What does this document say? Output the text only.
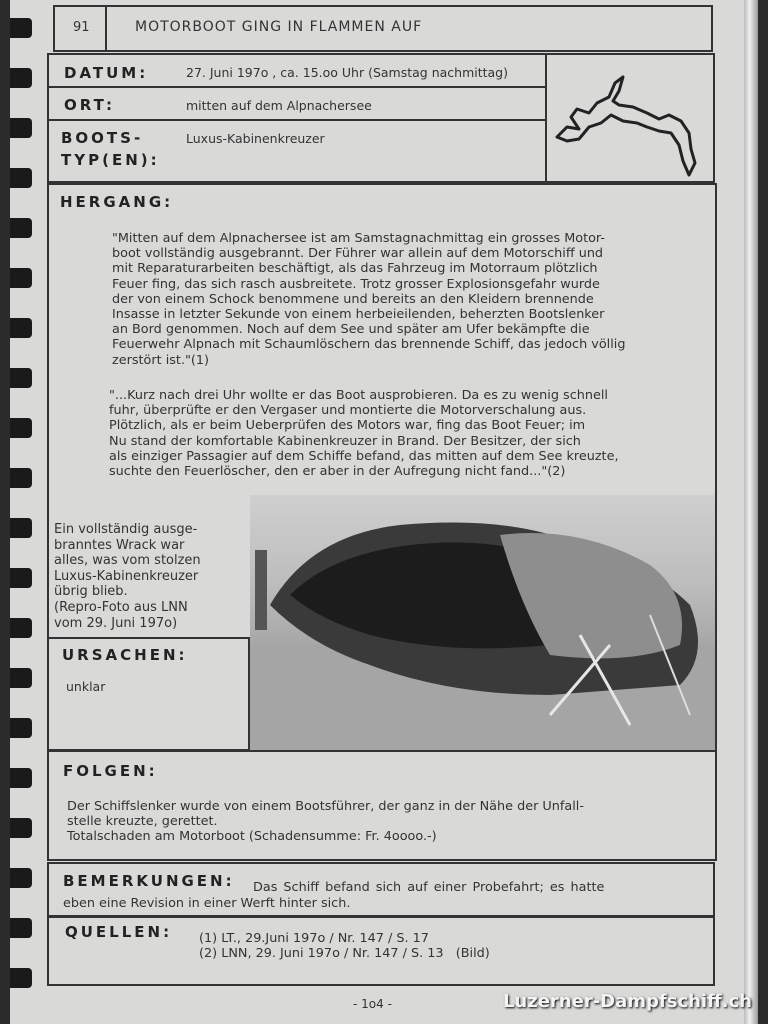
91	MOTORBOOT GING IN FLAMMEN AUF
DATUM:	27. Juni 197o , ca. 15.oo Uhr (Samstag nachmittag)
ORT:	mitten auf dem Alpnachersee
BOOTS-
TYP(EN):
Luxus-Kabinenkreuzer
HERGANG:
"Mitten auf dem Alpnachersee ist am Samstagnachmittag ein grosses Motor-
boot vollständig ausgebrannt. Der Führer war allein auf dem Motorschiff und
mit Reparaturarbeiten beschäftigt, als das Fahrzeug im Motorraum plötzlich
Feuer fing, das sich rasch ausbreitete. Trotz grosser Explosionsgefahr wurde
der von einem Schock benommene und bereits an den Kleidern brennende
Insasse in letzter Sekunde von einem herbeieilenden, beherzten Bootslenker
an Bord genommen. Noch auf dem See und später am Ufer bekämpfte die
Feuerwehr Alpnach mit Schaumlöschern das brennende Schiff, das jedoch völlig
zerstört ist."(1)
"...Kurz nach drei Uhr wollte er das Boot ausprobieren. Da es zu wenig schnell
fuhr, überprüfte er den Vergaser und montierte die Motorverschalung aus.
Plötzlich, als er beim Ueberprüfen des Motors war, fing das Boot Feuer; im
Nu stand der komfortable Kabinenkreuzer in Brand. Der Besitzer, der sich
als einziger Passagier auf dem Schiffe befand, das mitten auf dem See kreuzte,
suchte den Feuerlöscher, den er aber in der Aufregung nicht fand..."(2)
Ein vollständig ausge-
branntes Wrack war
alles, was vom stolzen
Luxus-Kabinenkreuzer
übrig blieb.
(Repro-Foto aus LNN
vom 29. Juni 197o)
URSACHEN:
unklar
FOLGEN:
Der Schiffslenker wurde von einem Bootsführer, der ganz in der Nähe der Unfall-
stelle kreuzte, gerettet.
Totalschaden am Motorboot (Schadensumme: Fr. 4oooo.-)
BEMERKUNGEN: Das Schiff befand sich auf einer Probefahrt; es hatte
eben eine Revision in einer Werft hinter sich.
QUELLEN: (1) LT., 29.Juni 197o / Nr. 147 / S. 17
(2) LNN, 29. Juni 197o / Nr. 147 / S. 13   (Bild)
- 1o4 -	Luzerner-Dampfschiff.ch
